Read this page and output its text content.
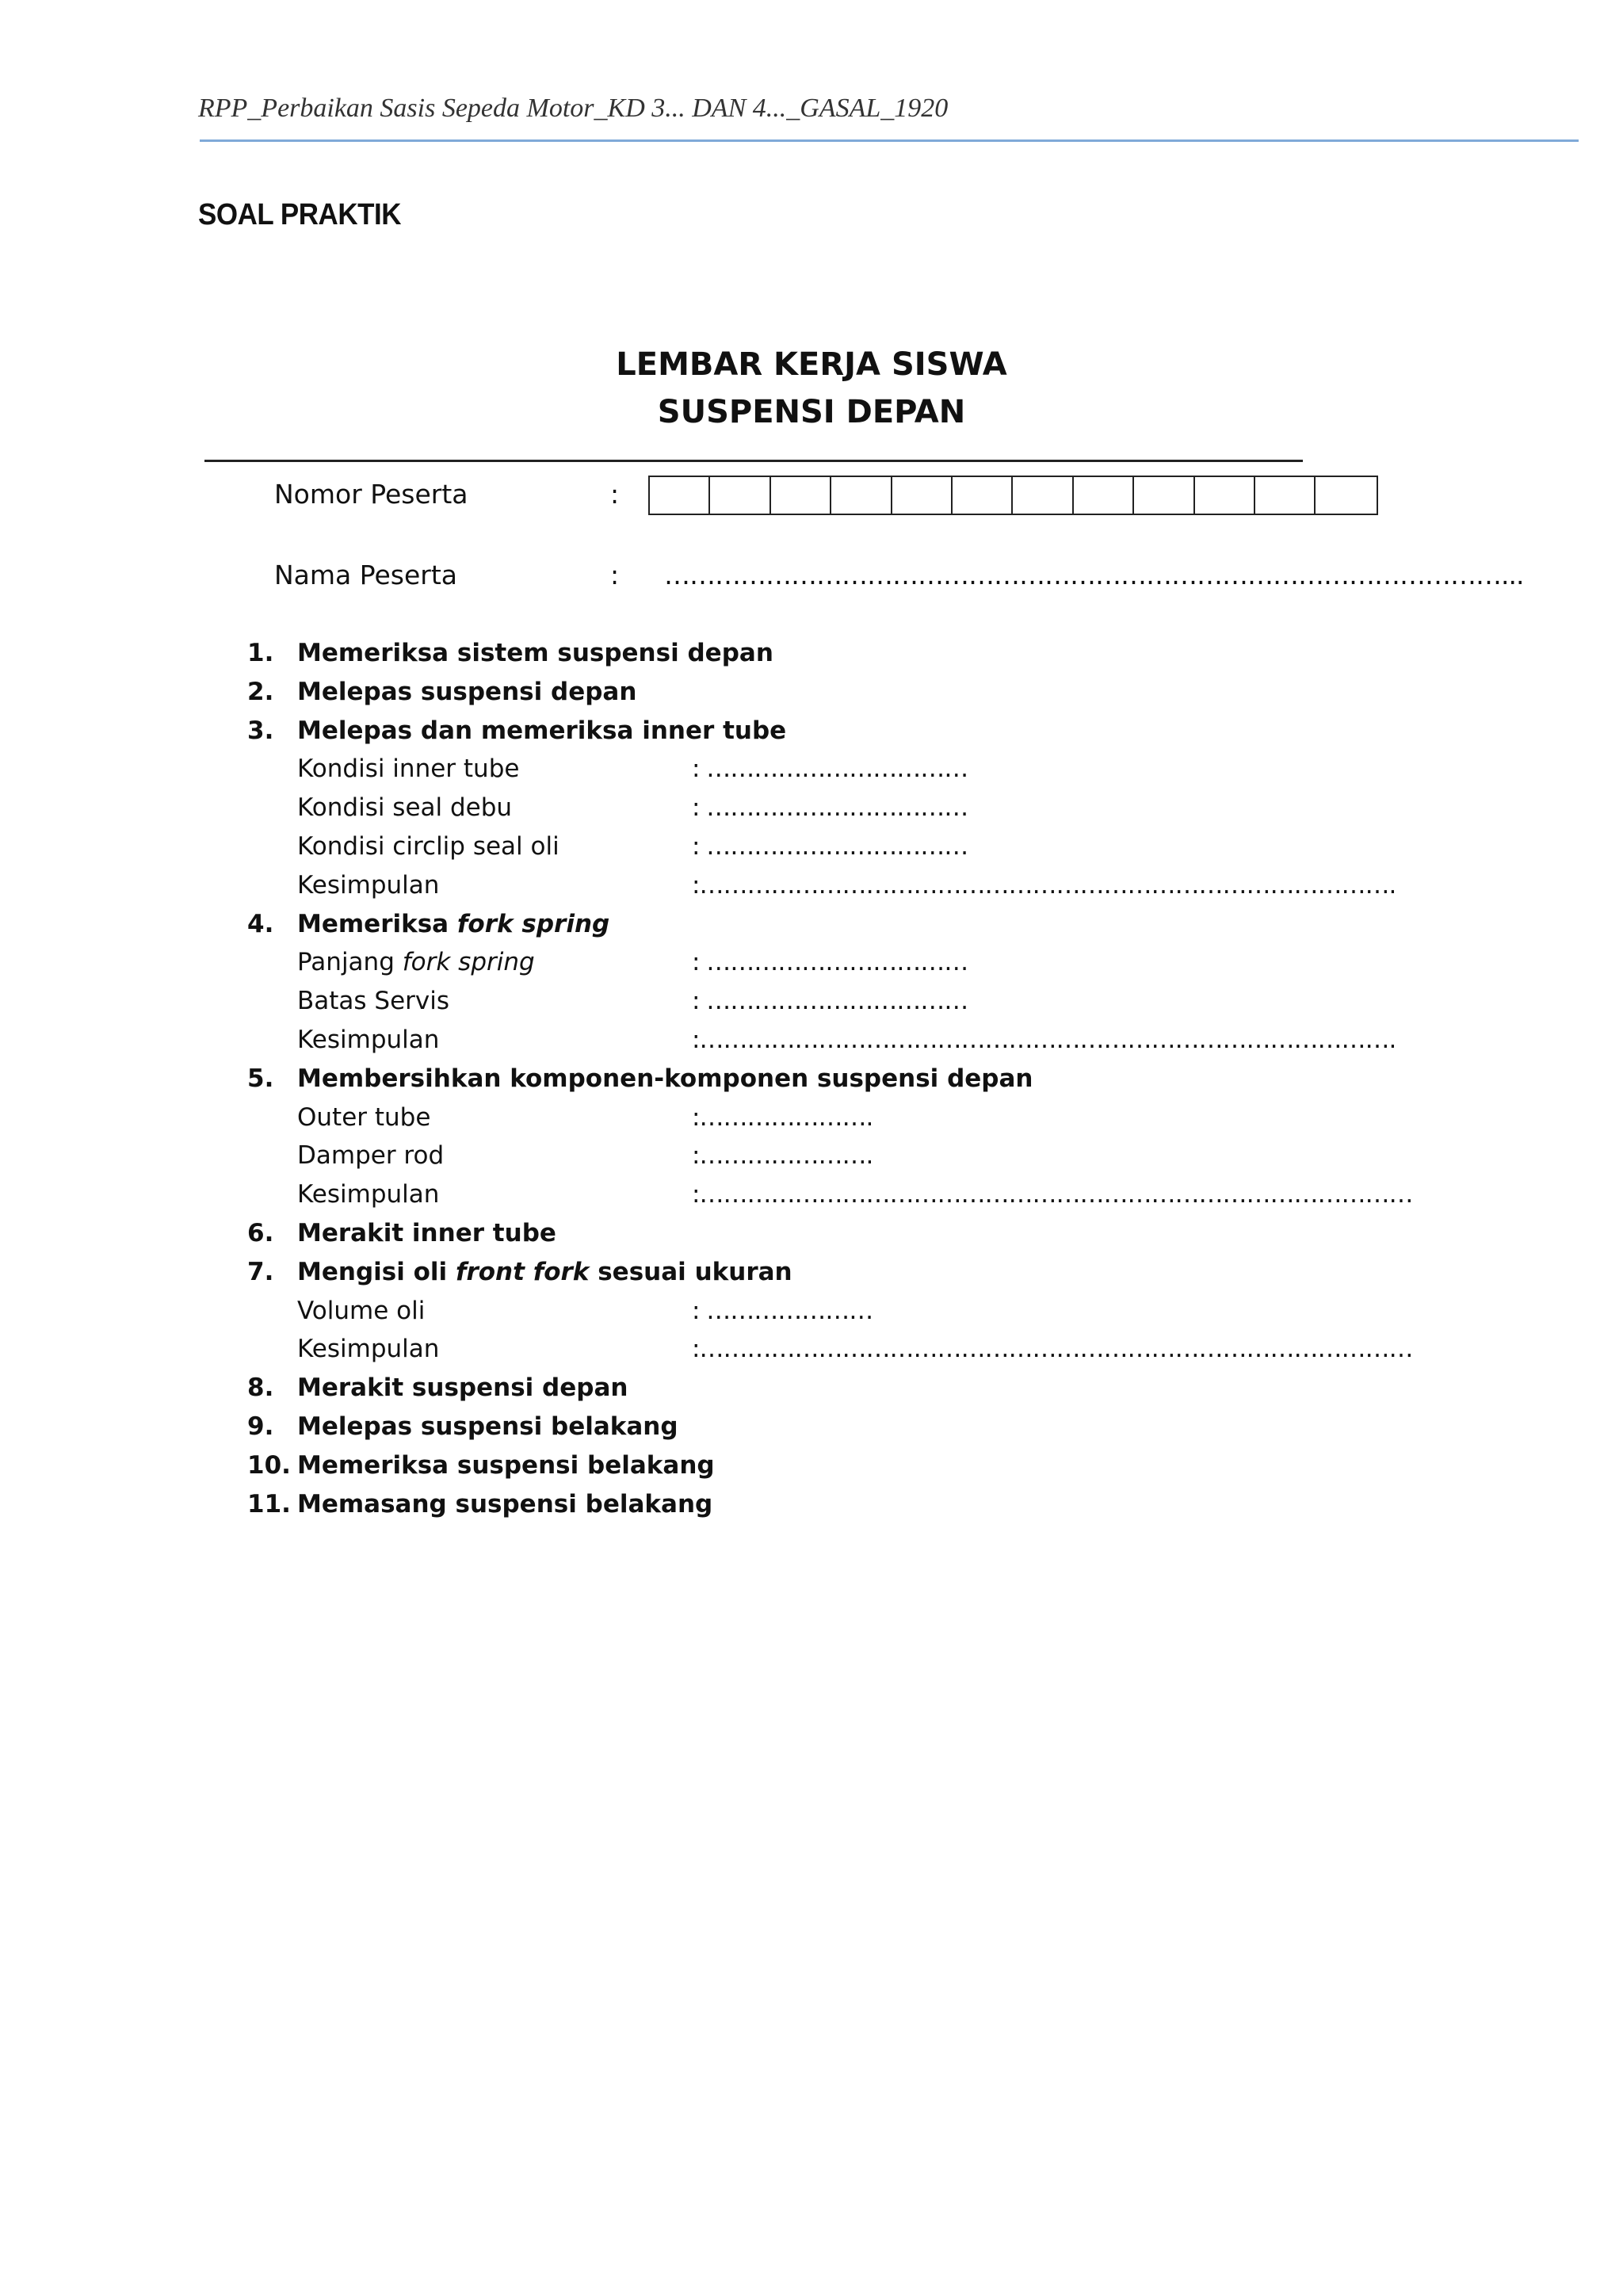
RPP_Perbaikan Sasis Sepeda Motor_KD 3... DAN 4..._GASAL_1920
SOAL PRAKTIK
LEMBAR KERJA SISWA
SUSPENSI DEPAN
Nomor Peserta	:
Nama Peserta	: ………………………………………………………………………………………...
1. Memeriksa sistem suspensi depan
2. Melepas suspensi depan
3. Melepas dan memeriksa inner tube
Kondisi inner tube	: ……………………………
Kondisi seal debu	: ……………………………
Kondisi circlip seal oli	: ……………………………
Kesimpulan	:…………………………………………………………………………….
4. Memeriksa fork spring
Panjang fork spring	: ……………………………
Batas Servis	: ……………………………
Kesimpulan	:…………………………………………………………………………….
5. Membersihkan komponen-komponen suspensi depan
Outer tube	:………………….
Damper rod	:………………….
Kesimpulan	:………………………………………………………………………………
6. Merakit inner tube
7. Mengisi oli front fork sesuai ukuran
Volume oli	: …………………
Kesimpulan	:………………………………………………………………………………
8. Merakit suspensi depan
9. Melepas suspensi belakang
10. Memeriksa suspensi belakang
11. Memasang suspensi belakang
